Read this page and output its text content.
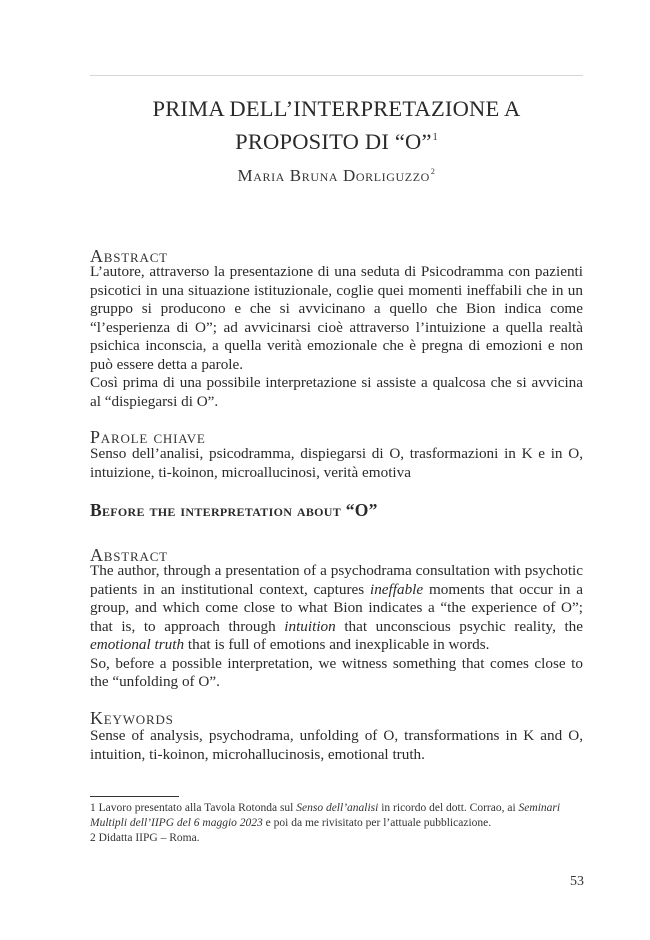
PRIMA DELL’INTERPRETAZIONE A
PROPOSITO DI “O”$^1$
Maria Bruna Dorliguzzo$^2$
Abstract

L’autore, attraverso la presentazione di una seduta di Psicodramma con pazienti psicotici in una situazione istituzionale, coglie quei momenti ineffabili che in un gruppo si producono e che si avvicinano a quello che Bion indica come “l’esperienza di O”; ad avvicinarsi cioè attraverso l’intuizione a quella realtà psichica inconscia, a quella verità emozionale che è pregna di emozioni e non può essere detta a parole.

Così prima di una possibile interpretazione si assiste a qualcosa che si avvicina al “dispiegarsi di O”.

Parole chiave
Senso dell’analisi, psicodramma, dispiegarsi di O, trasformazioni in K e in O, intuizione, ti-koinon, microallucinosi, verità emotiva
Before the interpretation about “O”
Abstract

The author, through a presentation of a psychodrama consultation with psychotic patients in an institutional context, captures ineffable moments that occur in a group, and which come close to what Bion indicates a “the experience of O”; that is, to approach through intuition that unconscious psychic reality, the emotional truth that is full of emotions and inexplicable in words.

So, before a possible interpretation, we witness something that comes close to the “unfolding of O”.

Keywords
Sense of analysis, psychodrama, unfolding of O, transformations in K and O, intuition, ti-koinon, microhallucinosis, emotional truth.
1 Lavoro presentato alla Tavola Rotonda sul Senso dell’analisi in ricordo del dott. Corrao, ai Seminari Multipli dell’IIPG del 6 maggio 2023 e poi da me rivisitato per l’attuale pubblicazione.
2 Didatta IIPG – Roma.
53
